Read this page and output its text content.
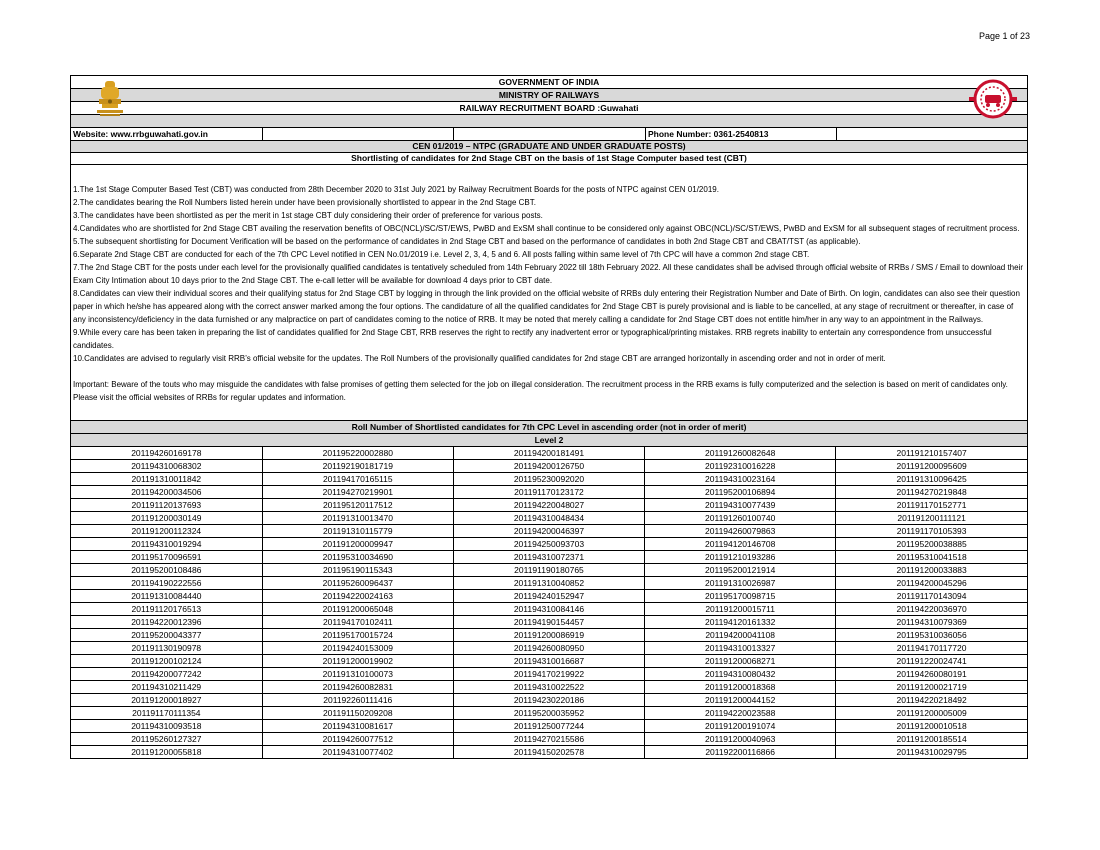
Page 1 of 23
GOVERNMENT OF INDIA
MINISTRY OF RAILWAYS
RAILWAY RECRUITMENT BOARD :Guwahati
Website: www.rrbguwahati.gov.in	Phone Number: 0361-2540813
CEN 01/2019 – NTPC (GRADUATE AND UNDER GRADUATE POSTS)
Shortlisting of candidates for 2nd Stage CBT on the basis of 1st Stage Computer based test (CBT)

1.The 1st Stage Computer Based Test (CBT) was conducted from 28th December 2020 to 31st July 2021 by Railway Recruitment Boards for the posts of NTPC against CEN 01/2019.

2.The candidates bearing the Roll Numbers listed herein under have been provisionally shortlisted to appear in the 2nd Stage CBT.

3.The candidates have been shortlisted as per the merit in 1st stage CBT duly considering their order of preference for various posts.

4.Candidates who are shortlisted for 2nd Stage CBT availing the reservation benefits of OBC(NCL)/SC/ST/EWS, PwBD and ExSM shall continue to be considered only against OBC(NCL)/SC/ST/EWS, PwBD and ExSM for all subsequent stages of recruitment process.

5.The subsequent shortlisting for Document Verification will be based on the performance of candidates in 2nd Stage CBT and based on the performance of candidates in both 2nd Stage CBT and CBAT/TST (as applicable).

6.Separate 2nd Stage CBT are conducted for each of the 7th CPC Level notified in CEN No.01/2019 i.e. Level 2, 3, 4, 5 and 6. All posts falling within same level of 7th CPC will have a common 2nd stage CBT.

7.The 2nd Stage CBT for the posts under each level for the provisionally qualified candidates is tentatively scheduled from 14th February 2022 till 18th February 2022. All these candidates shall be advised through official website of RRBs / SMS / Email to download their Exam City Intimation about 10 days prior to the 2nd Stage CBT. The e-call letter will be available for download 4 days prior to CBT date.

8.Candidates can view their individual scores and their qualifying status for 2nd Stage CBT by logging in through the link provided on the official website of RRBs duly entering their Registration Number and Date of Birth. On login, candidates can also see their question paper in which he/she has appeared along with the correct answer marked among the four options. The candidature of all the qualified candidates for 2nd Stage CBT is purely provisional and is liable to be cancelled, at any stage of recruitment or thereafter, in case of any inconsistency/deficiency in the data furnished or any malpractice on part of candidates coming to the notice of RRB. It may be noted that merely calling a candidate for 2nd Stage CBT does not entitle him/her in any way to an appointment in the Railways.

9.While every care has been taken in preparing the list of candidates qualified for 2nd Stage CBT, RRB reserves the right to rectify any inadvertent error or typographical/printing mistakes. RRB regrets inability to entertain any correspondence from unsuccessful candidates.

10.Candidates are advised to regularly visit RRB’s official website for the updates. The Roll Numbers of the provisionally qualified candidates for 2nd stage CBT are arranged horizontally in ascending order and not in order of merit.

Important: Beware of the touts who may misguide the candidates with false promises of getting them selected for the job on illegal consideration. The recruitment process in the RRB exams is fully computerized and the selection is based on merit of candidates only. Please visit the official websites of RRBs for regular updates and information.

Roll Number of Shortlisted candidates for 7th CPC Level in ascending order (not in order of merit)
Level 2
201194260169178	201195220002880	201194200181491	201191260082648	201191210157407
201194310068302	201192190181719	201194200126750	201192310016228	201191200095609
201191310011842	201194170165115	201195230092020	201194310023164	201191310096425
201194200034506	201194270219901	201191170123172	201195200106894	201194270219848
201191120137693	201195120117512	201194220048027	201194310077439	201191170152771
201191200030149	201191310013470	201194310048434	201191260100740	201191200111121
201191200112324	201191310115779	201194200046397	201194260079863	201191170105393
201194310019294	201191200009947	201194250093703	201194120146708	201195200038885
201195170096591	201195310034690	201194310072371	201191210193286	201195310041518
201195200108486	201195190115343	201191190180765	201195200121914	201191200033883
201194190222556	201195260096437	201191310040852	201191310026987	201194200045296
201191310084440	201194220024163	201194240152947	201195170098715	201191170143094
201191120176513	201191200065048	201194310084146	201191200015711	201194220036970
201194220012396	201194170102411	201194190154457	201194120161332	201194310079369
201195200043377	201195170015724	201191200086919	201194200041108	201195310036056
201191130190978	201194240153009	201194260080950	201194310013327	201194170117720
201191200102124	201191200019902	201194310016687	201191200068271	201191220024741
201194200077242	201191310100073	201194170219922	201194310080432	201194260080191
201194310211429	201194260082831	201194310022522	201191200018368	201191200021719
201191200018927	201192260111416	201194230220186	201191200044152	201194220218492
201191170111354	201191150209208	201195200035952	201194220023588	201191200005009
201194310093518	201194310081617	201191250077244	201191200191074	201191200010518
201195260127327	201194260077512	201194270215586	201191200040963	201191200185514
201191200055818	201194310077402	201194150202578	201192200116866	201194310029795
